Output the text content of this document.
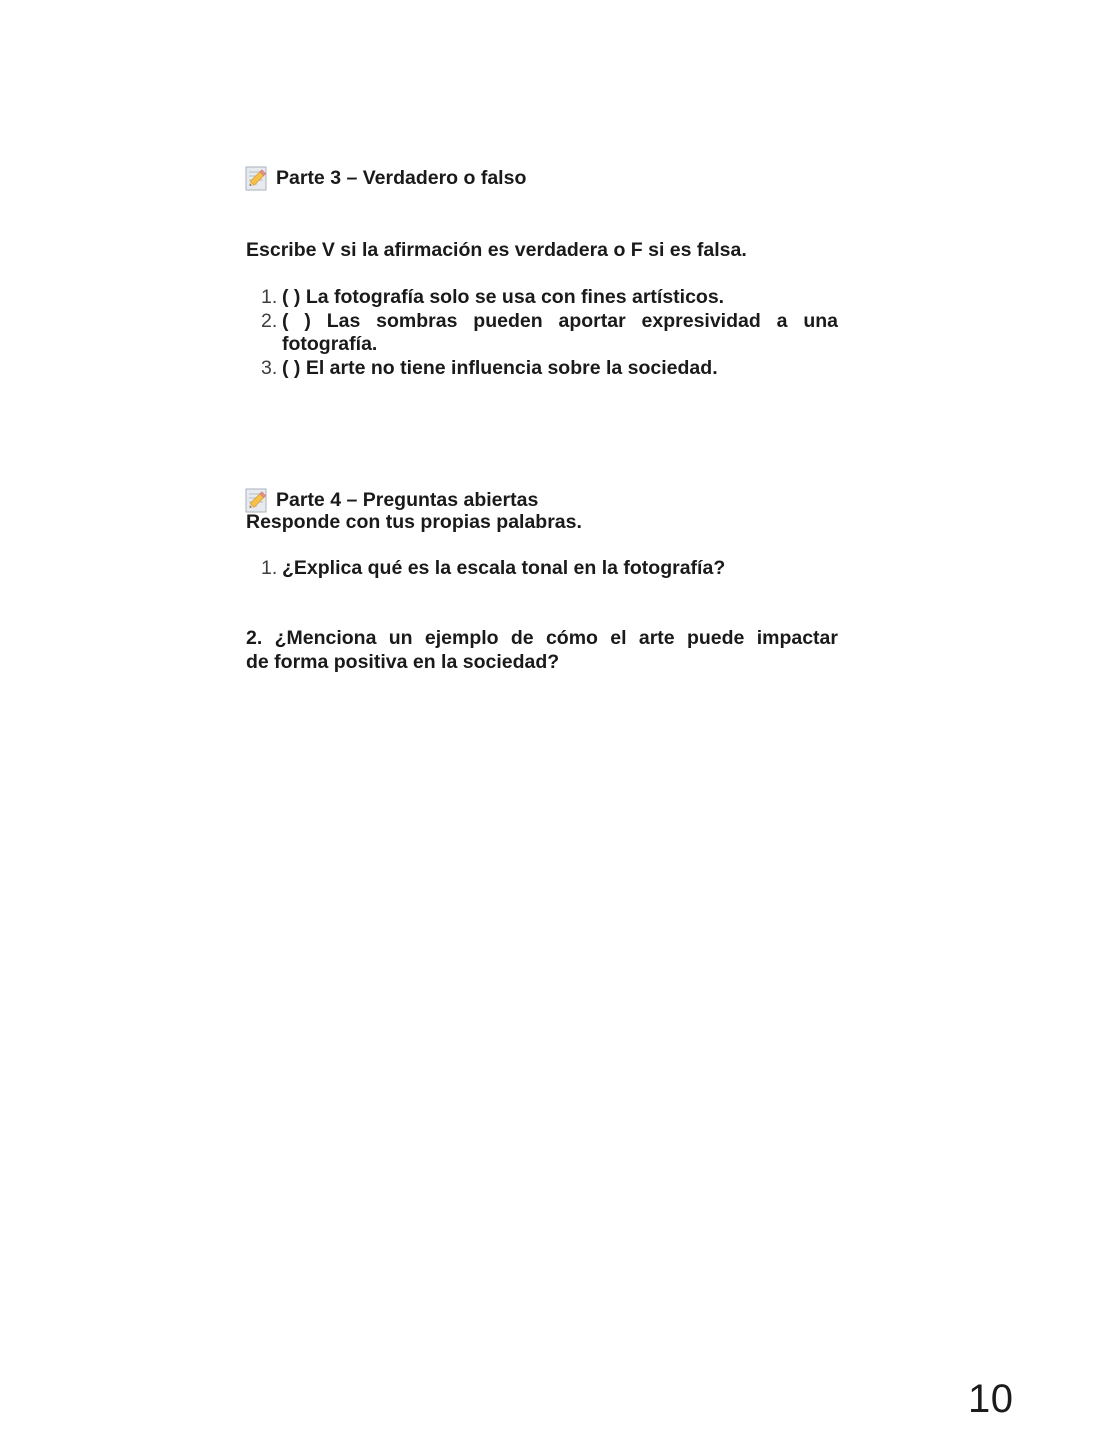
Parte 3 – Verdadero o falso
Escribe V si la afirmación es verdadera o F si es falsa.
1. ( ) La fotografía solo se usa con fines artísticos.
2. ( ) Las sombras pueden aportar expresividad a una
fotografía.
3. ( ) El arte no tiene influencia sobre la sociedad.
Parte 4 – Preguntas abiertas
Responde con tus propias palabras.
1. ¿Explica qué es la escala tonal en la fotografía?
2. ¿Menciona un ejemplo de cómo el arte puede impactar
de forma positiva en la sociedad?
10
